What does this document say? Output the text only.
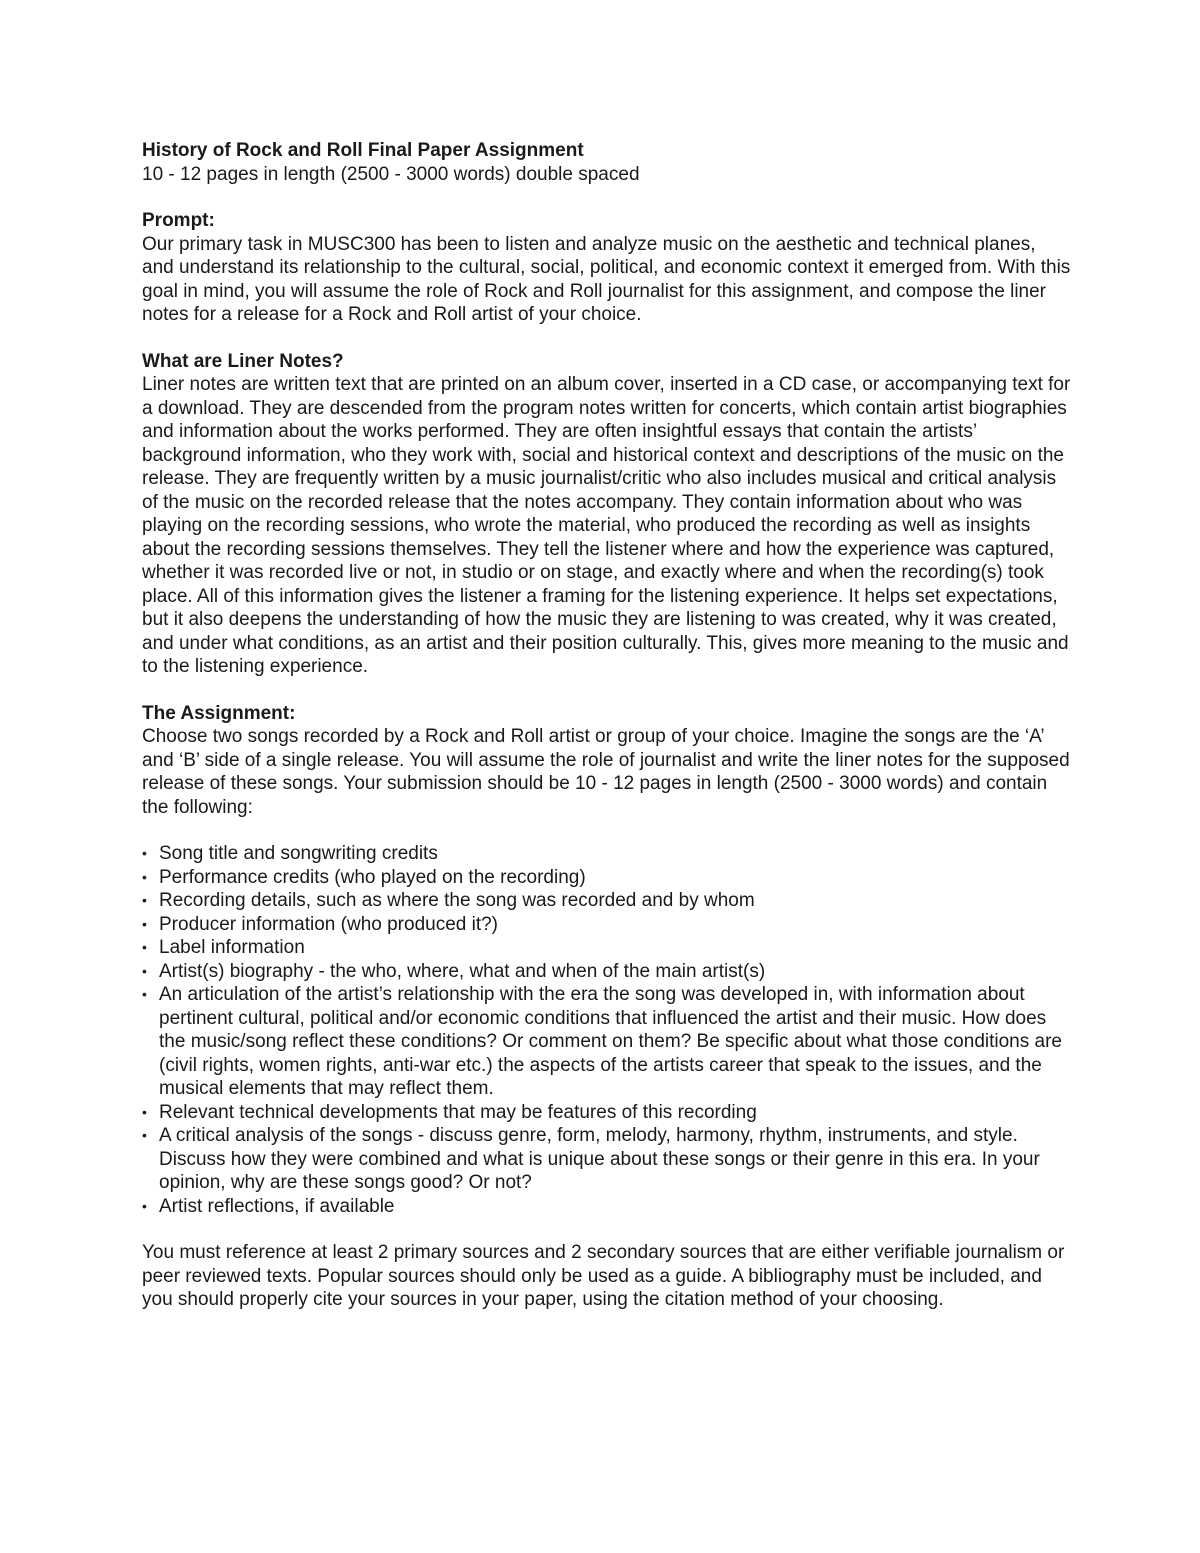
History of Rock and Roll Final Paper Assignment

10 - 12 pages in length (2500 - 3000 words) double spaced

Prompt:

Our primary task in MUSC300 has been to listen and analyze music on the aesthetic and technical planes, and understand its relationship to the cultural, social, political, and economic context it emerged from. With this goal in mind, you will assume the role of Rock and Roll journalist for this assignment, and compose the liner notes for a release for a Rock and Roll artist of your choice.

What are Liner Notes?

Liner notes are written text that are printed on an album cover, inserted in a CD case, or accompanying text for a download. They are descended from the program notes written for concerts, which contain artist biographies and information about the works performed. They are often insightful essays that contain the artists’ background information, who they work with, social and historical context and descriptions of the music on the release. They are frequently written by a music journalist/critic who also includes musical and critical analysis of the music on the recorded release that the notes accompany. They contain information about who was playing on the recording sessions, who wrote the material, who produced the recording as well as insights about the recording sessions themselves. They tell the listener where and how the experience was captured, whether it was recorded live or not, in studio or on stage, and exactly where and when the recording(s) took place. All of this information gives the listener a framing for the listening experience. It helps set expectations, but it also deepens the understanding of how the music they are listening to was created, why it was created, and under what conditions, as an artist and their position culturally. This, gives more meaning to the music and to the listening experience.

The Assignment:

Choose two songs recorded by a Rock and Roll artist or group of your choice. Imagine the songs are the ‘A’ and ‘B’ side of a single release. You will assume the role of journalist and write the liner notes for the supposed release of these songs. Your submission should be 10 - 12 pages in length (2500 - 3000 words) and contain the following:

• Song title and songwriting credits
• Performance credits (who played on the recording)
• Recording details, such as where the song was recorded and by whom
• Producer information (who produced it?)
• Label information
• Artist(s) biography - the who, where, what and when of the main artist(s)
• An articulation of the artist’s relationship with the era the song was developed in, with information about pertinent cultural, political and/or economic conditions that influenced the artist and their music. How does the music/song reflect these conditions? Or comment on them? Be specific about what those conditions are (civil rights, women rights, anti-war etc.) the aspects of the artists career that speak to the issues, and the musical elements that may reflect them.
• Relevant technical developments that may be features of this recording
• A critical analysis of the songs - discuss genre, form, melody, harmony, rhythm, instruments, and style. Discuss how they were combined and what is unique about these songs or their genre in this era. In your opinion, why are these songs good? Or not?
• Artist reflections, if available

You must reference at least 2 primary sources and 2 secondary sources that are either verifiable journalism or peer reviewed texts. Popular sources should only be used as a guide. A bibliography must be included, and you should properly cite your sources in your paper, using the citation method of your choosing.
